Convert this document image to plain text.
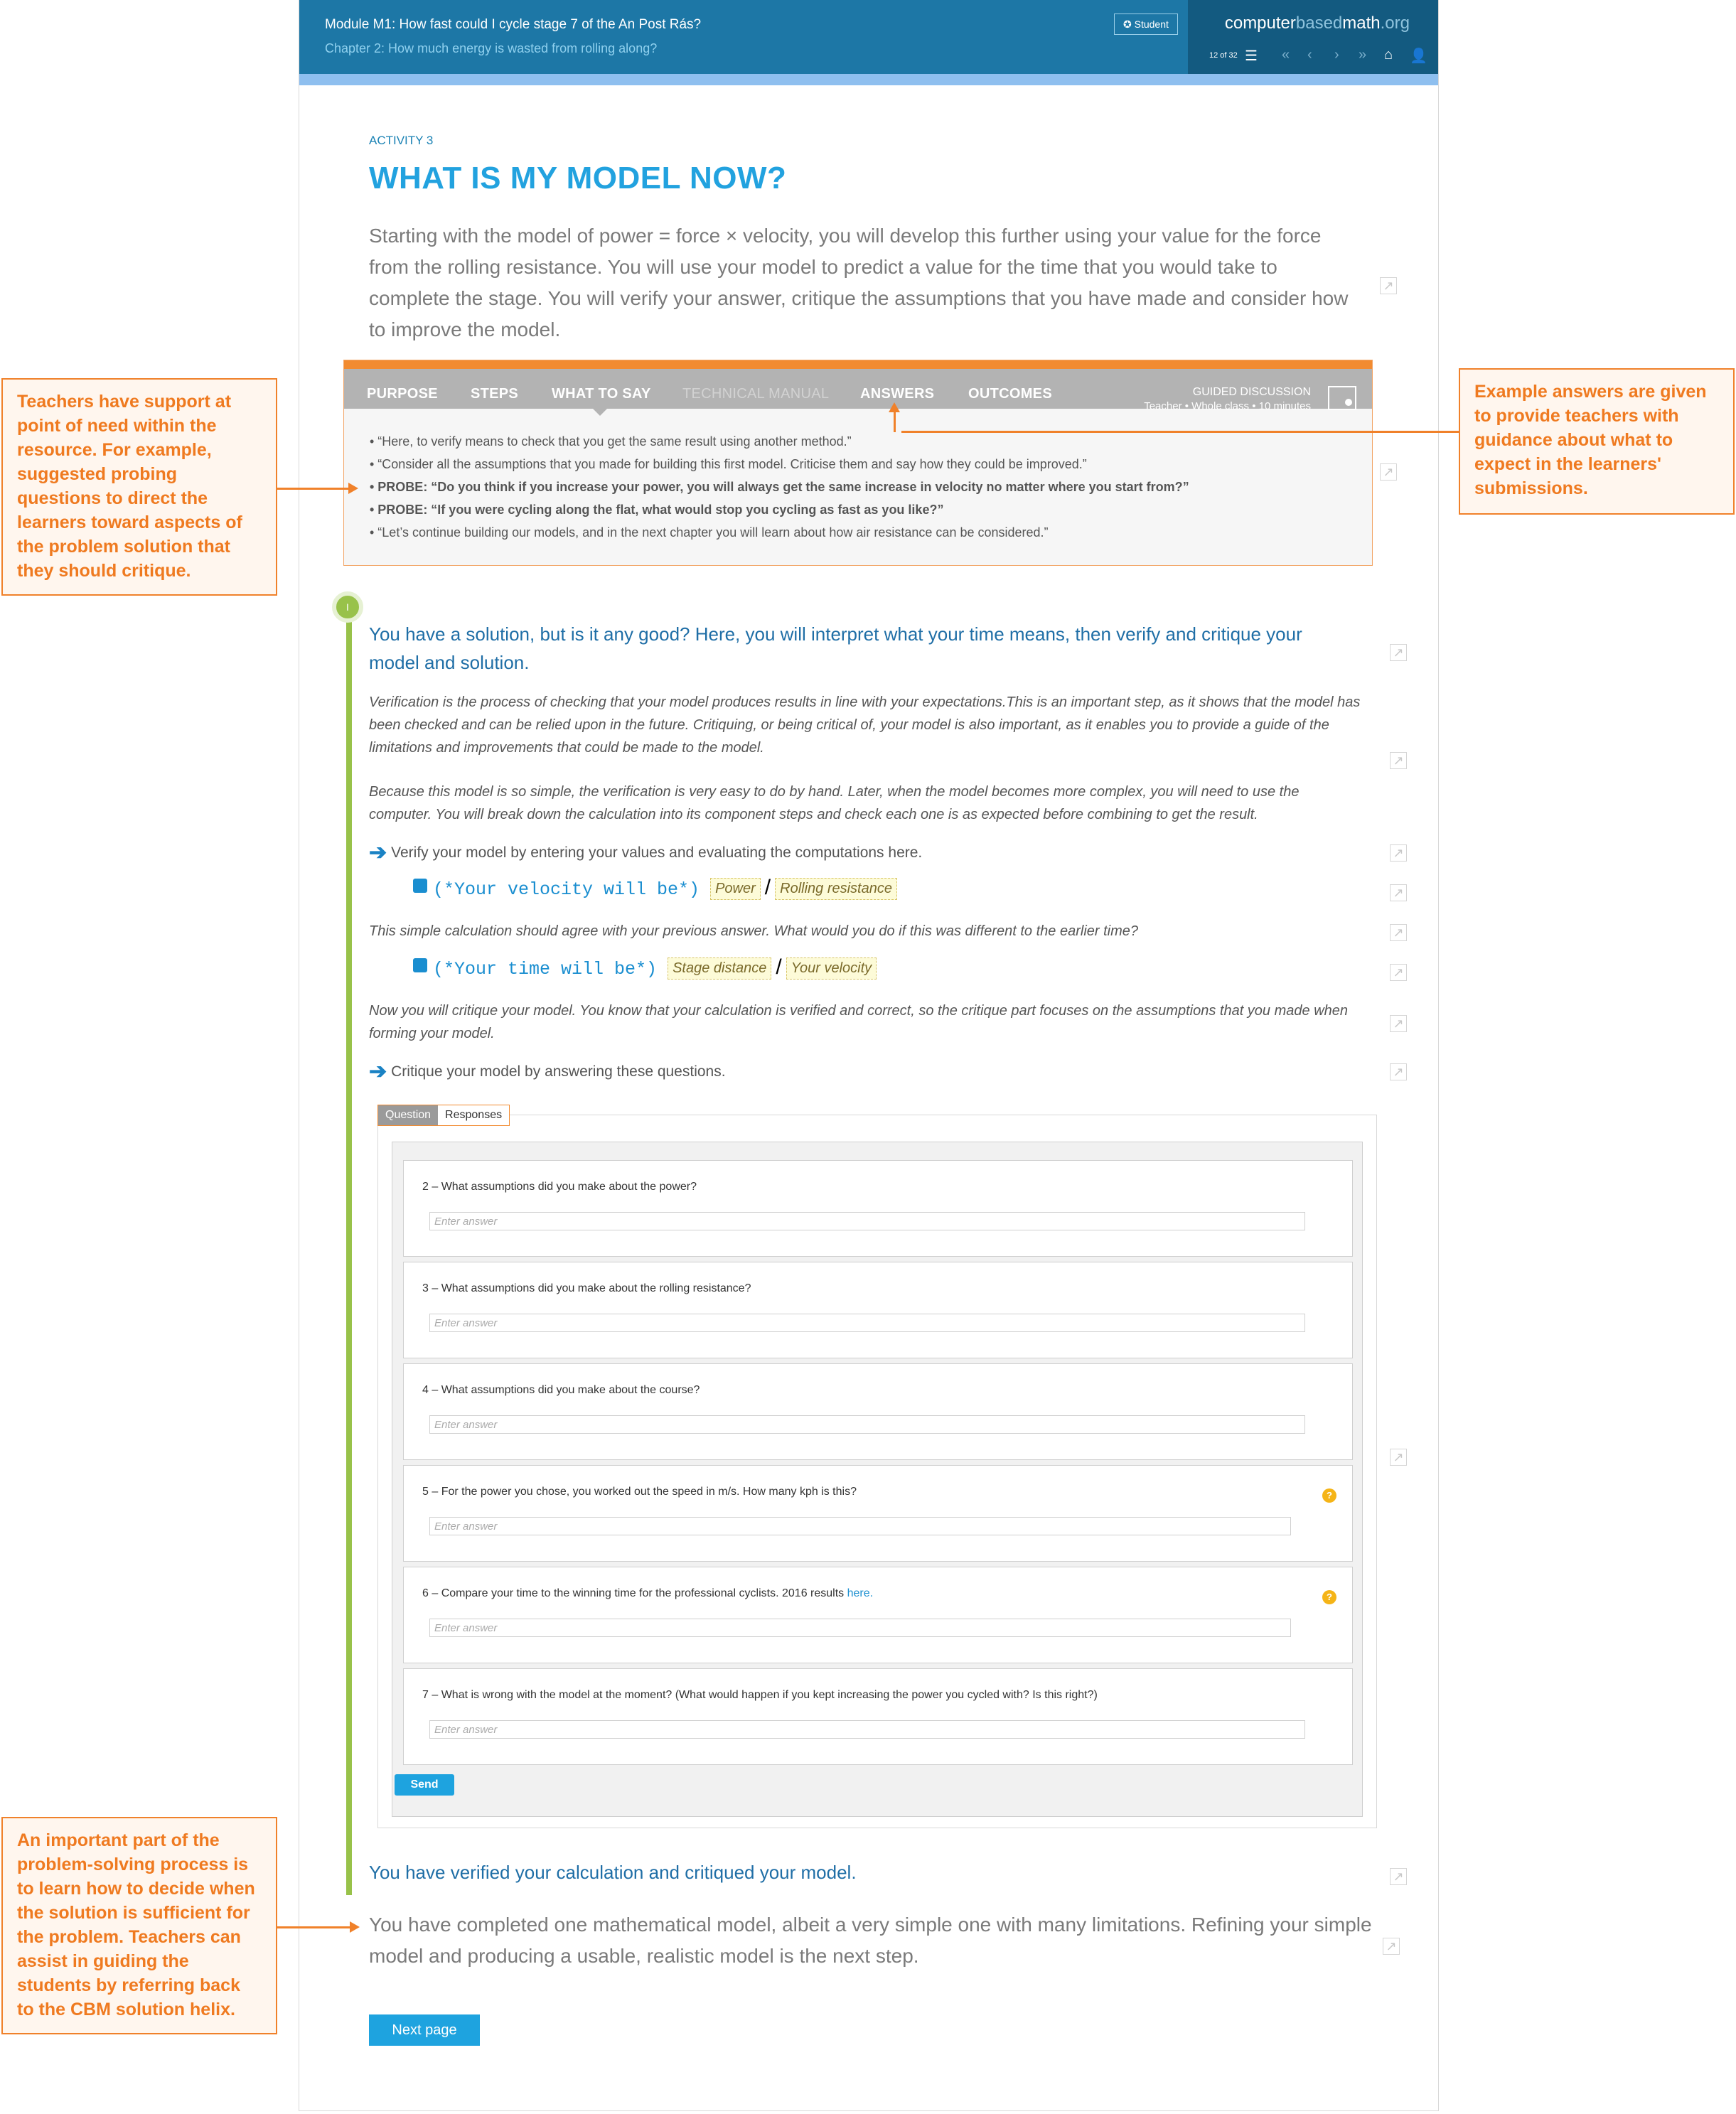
Module M1: How fast could I cycle stage 7 of the An Post Rás?
Chapter 2: How much energy is wasted from rolling along?
✪ Student	computerbasedmath.org
12 of 32 ☰ « ‹ › » ⌂ 👤
ACTIVITY 3
WHAT IS MY MODEL NOW?
Starting with the model of power = force × velocity, you will develop this further using your value for the force from the rolling resistance. You will use your model to predict a value for the time that you would take to complete the stage. You will verify your answer, critique the assumptions that you have made and consider how to improve the model.
↗
PURPOSE STEPS WHAT TO SAY TECHNICAL MANUAL ANSWERS OUTCOMES	GUIDED DISCUSSION
Teacher • Whole class • 10 minutes
• “Here, to verify means to check that you get the same result using another method.”
• “Consider all the assumptions that you made for building this first model. Criticise them and say how they could be improved.”
• PROBE: “Do you think if you increase your power, you will always get the same increase in velocity no matter where you start from?”
• PROBE: “If you were cycling along the flat, what would stop you cycling as fast as you like?”
• “Let’s continue building our models, and in the next chapter you will learn about how air resistance can be considered.”
↗
I
You have a solution, but is it any good? Here, you will interpret what your time means, then verify and critique your model and solution.	↗
Verification is the process of checking that your model produces results in line with your expectations.This is an important step, as it shows that the model has been checked and can be relied upon in the future. Critiquing, or being critical of, your model is also important, as it enables you to provide a guide of the limitations and improvements that could be made to the model.
↗
Because this model is so simple, the verification is very easy to do by hand. Later, when the model becomes more complex, you will need to use the computer. You will break down the calculation into its component steps and check each one is as expected before combining to get the result.
➔ Verify your model by entering your values and evaluating the computations here.	↗
(*Your velocity will be*) Power / Rolling resistance	↗
This simple calculation should agree with your previous answer. What would you do if this was different to the earlier time?	↗
(*Your time will be*) Stage distance / Your velocity	↗
Now you will critique your model. You know that your calculation is verified and correct, so the critique part focuses on the assumptions that you made when forming your model.
↗
➔ Critique your model by answering these questions.	↗
Question Responses
2 – What assumptions did you make about the power?
Enter answer
3 – What assumptions did you make about the rolling resistance?
Enter answer
4 – What assumptions did you make about the course?
Enter answer
5 – For the power you chose, you worked out the speed in m/s. How many kph is this?	?
Enter answer
6 – Compare your time to the winning time for the professional cyclists. 2016 results here.	?
Enter answer
7 – What is wrong with the model at the moment? (What would happen if you kept increasing the power you cycled with? Is this right?)
Enter answer
Send
↗
You have verified your calculation and critiqued your model.	↗
You have completed one mathematical model, albeit a very simple one with many limitations. Refining your simple model and producing a usable, realistic model is the next step.	↗
Next page
Teachers have support at point of need within the resource. For example, suggested probing questions to direct the learners toward aspects of the problem solution that they should critique.
Example answers are given to provide teachers with guidance about what to expect in the learners' submissions.
An important part of the problem-solving process is to learn how to decide when the solution is sufficient for the problem. Teachers can assist in guiding the students by referring back to the CBM solution helix.
